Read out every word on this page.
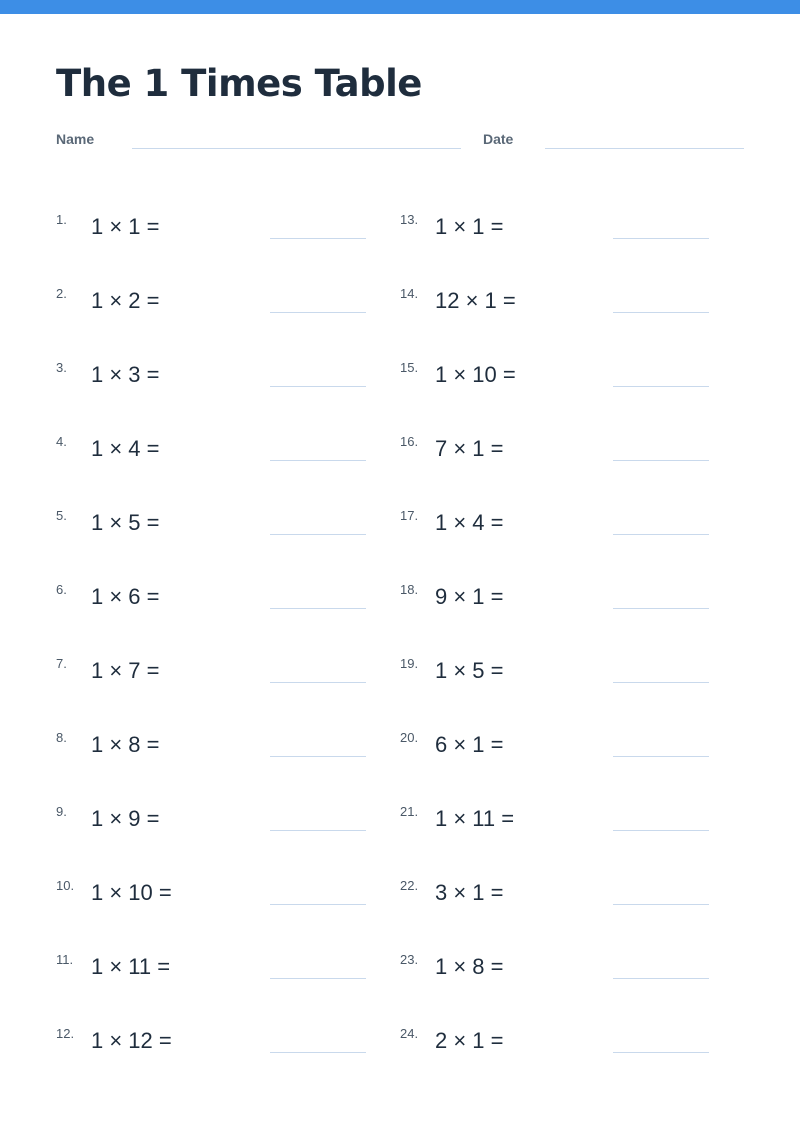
The 1 Times Table
Name	Date
1. 1 × 1 =
2. 1 × 2 =
3. 1 × 3 =
4. 1 × 4 =
5. 1 × 5 =
6. 1 × 6 =
7. 1 × 7 =
8. 1 × 8 =
9. 1 × 9 =
10. 1 × 10 =
11. 1 × 11 =
12. 1 × 12 =
13. 1 × 1 =
14. 12 × 1 =
15. 1 × 10 =
16. 7 × 1 =
17. 1 × 4 =
18. 9 × 1 =
19. 1 × 5 =
20. 6 × 1 =
21. 1 × 11 =
22. 3 × 1 =
23. 1 × 8 =
24. 2 × 1 =
